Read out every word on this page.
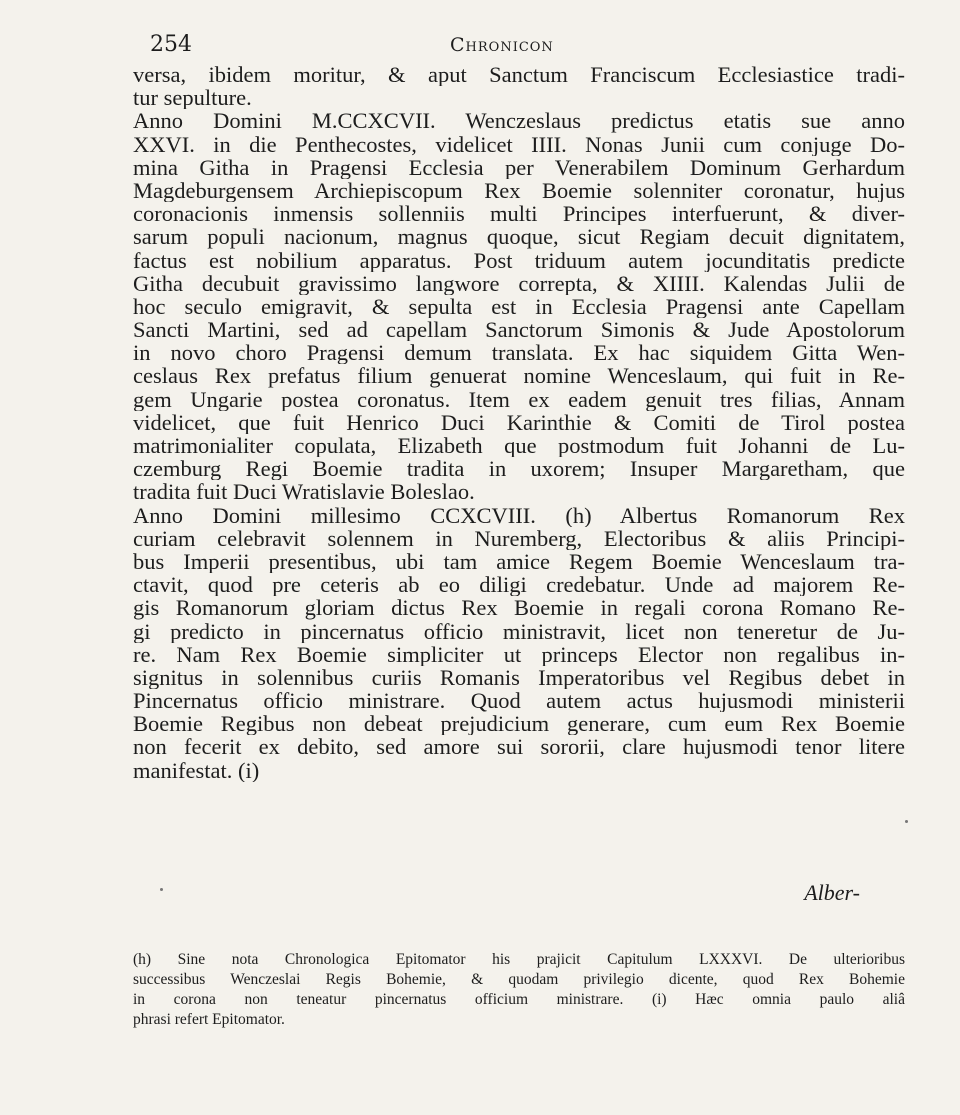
254	Chronicon
versa, ibidem moritur, & aput Sanctum Franciscum Ecclesiastice tradi-
tur sepulture.
Anno Domini M.CCXCVII. Wenczeslaus predictus etatis sue anno
XXVI. in die Penthecostes, videlicet IIII. Nonas Junii cum conjuge Do-
mina Githa in Pragensi Ecclesia per Venerabilem Dominum Gerhardum
Magdeburgensem Archiepiscopum Rex Boemie solenniter coronatur, hujus
coronacionis inmensis sollenniis multi Principes interfuerunt, & diver-
sarum populi nacionum, magnus quoque, sicut Regiam decuit dignitatem,
factus est nobilium apparatus. Post triduum autem jocunditatis predicte
Githa decubuit gravissimo langwore correpta, & XIIII. Kalendas Julii de
hoc seculo emigravit, & sepulta est in Ecclesia Pragensi ante Capellam
Sancti Martini, sed ad capellam Sanctorum Simonis & Jude Apostolorum
in novo choro Pragensi demum translata. Ex hac siquidem Gitta Wen-
ceslaus Rex prefatus filium genuerat nomine Wenceslaum, qui fuit in Re-
gem Ungarie postea coronatus. Item ex eadem genuit tres filias, Annam
videlicet, que fuit Henrico Duci Karinthie & Comiti de Tirol postea
matrimonialiter copulata, Elizabeth que postmodum fuit Johanni de Lu-
czemburg Regi Boemie tradita in uxorem; Insuper Margaretham, que
tradita fuit Duci Wratislavie Boleslao.
Anno Domini millesimo CCXCVIII. (h) Albertus Romanorum Rex
curiam celebravit solennem in Nuremberg, Electoribus & aliis Principi-
bus Imperii presentibus, ubi tam amice Regem Boemie Wenceslaum tra-
ctavit, quod pre ceteris ab eo diligi credebatur. Unde ad majorem Re-
gis Romanorum gloriam dictus Rex Boemie in regali corona Romano Re-
gi predicto in pincernatus officio ministravit, licet non teneretur de Ju-
re. Nam Rex Boemie simpliciter ut princeps Elector non regalibus in-
signitus in solennibus curiis Romanis Imperatoribus vel Regibus debet in
Pincernatus officio ministrare. Quod autem actus hujusmodi ministerii
Boemie Regibus non debeat prejudicium generare, cum eum Rex Boemie
non fecerit ex debito, sed amore sui sororii, clare hujusmodi tenor litere
manifestat. (i)
Alber-
(h) Sine nota Chronologica Epitomator his prajicit Capitulum LXXXVI. De ulterioribus
successibus Wenczeslai Regis Bohemie, & quodam privilegio dicente, quod Rex Bohemie
in corona non teneatur pincernatus officium ministrare. (i) Hæc omnia paulo aliâ
phrasi refert Epitomator.
